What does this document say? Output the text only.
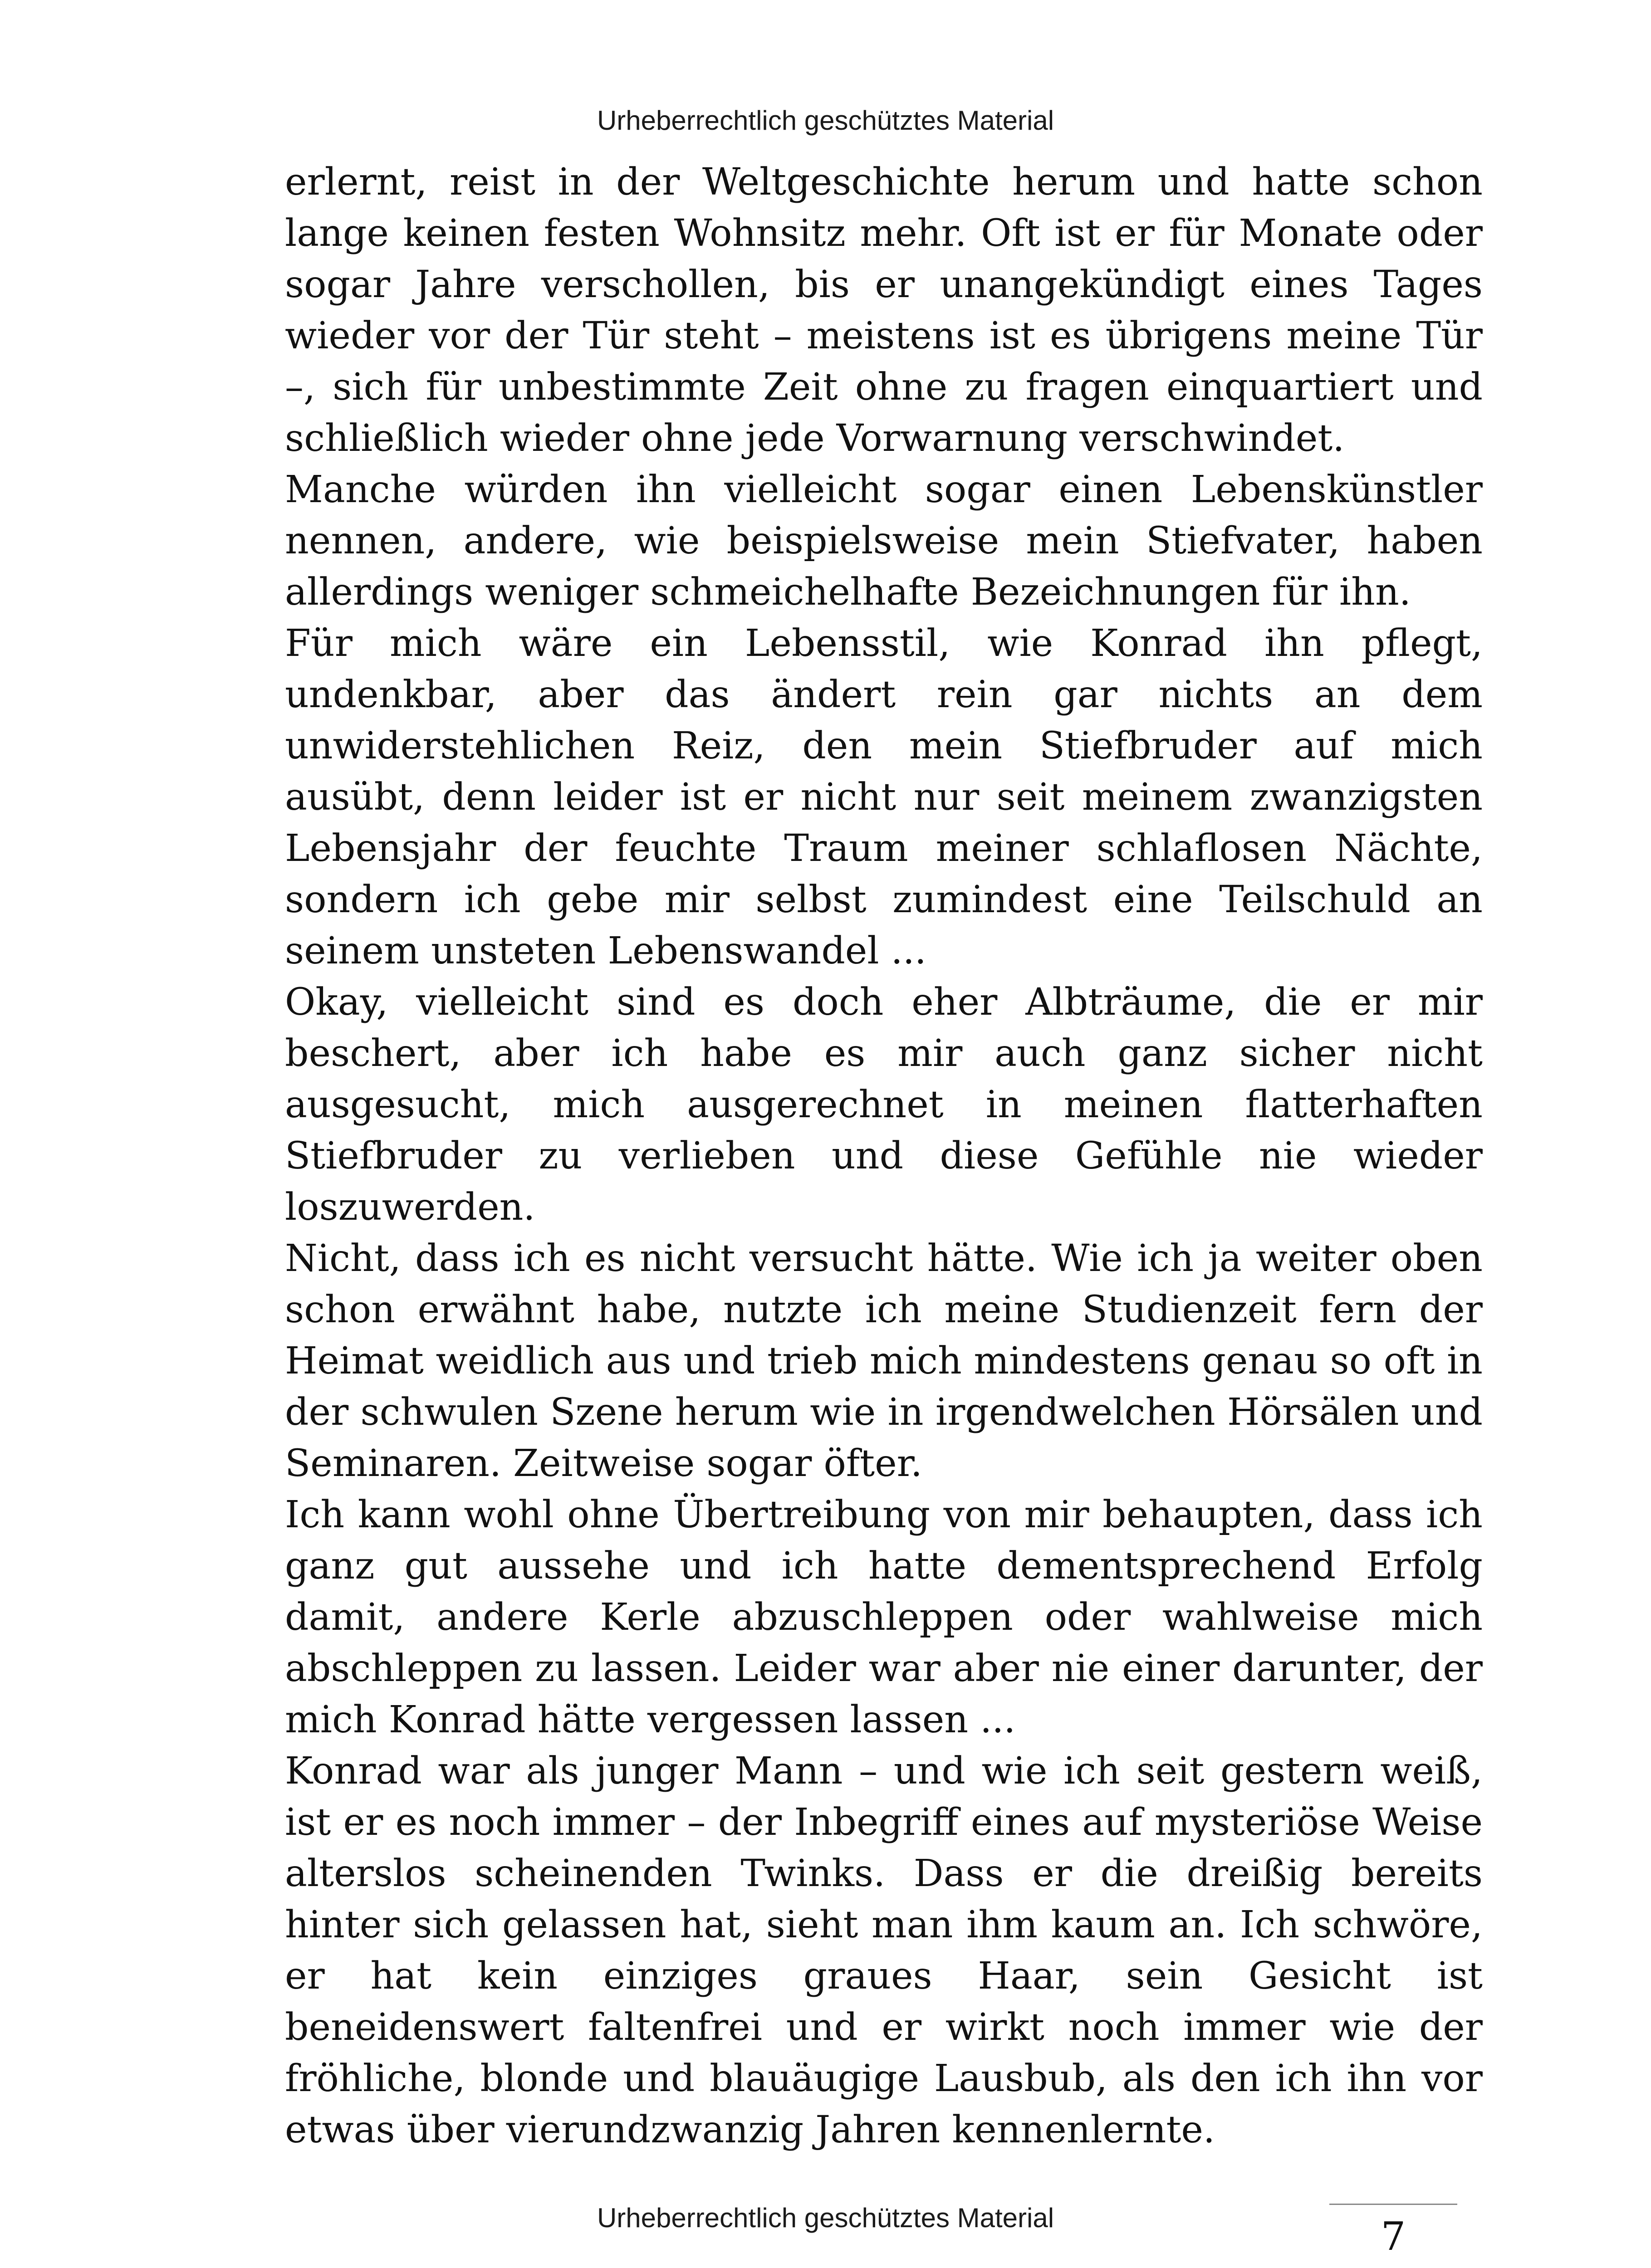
Urheberrechtlich geschütztes Material

erlernt, reist in der Weltgeschichte herum und hatte schon lange keinen festen Wohnsitz mehr. Oft ist er für Monate oder sogar Jahre verschollen, bis er unangekündigt eines Tages wieder vor der Tür steht – meistens ist es übrigens meine Tür –, sich für unbestimmte Zeit ohne zu fragen einquartiert und schließlich wieder ohne jede Vorwarnung verschwindet.

Manche würden ihn vielleicht sogar einen Lebenskünstler nennen, andere, wie beispielsweise mein Stiefvater, haben allerdings weniger schmeichelhafte Bezeichnungen für ihn.

Für mich wäre ein Lebensstil, wie Konrad ihn pflegt, undenkbar, aber das ändert rein gar nichts an dem unwiderstehlichen Reiz, den mein Stiefbruder auf mich ausübt, denn leider ist er nicht nur seit meinem zwanzigsten Lebensjahr der feuchte Traum meiner schlaflosen Nächte, sondern ich gebe mir selbst zumindest eine Teilschuld an seinem unsteten Lebenswandel ...

Okay, vielleicht sind es doch eher Albträume, die er mir beschert, aber ich habe es mir auch ganz sicher nicht ausgesucht, mich ausgerechnet in meinen flatterhaften Stiefbruder zu verlieben und diese Gefühle nie wieder loszuwerden.

Nicht, dass ich es nicht versucht hätte. Wie ich ja weiter oben schon erwähnt habe, nutzte ich meine Studienzeit fern der Heimat weidlich aus und trieb mich mindestens genau so oft in der schwulen Szene herum wie in irgendwelchen Hörsälen und Seminaren. Zeitweise sogar öfter.

Ich kann wohl ohne Übertreibung von mir behaupten, dass ich ganz gut aussehe und ich hatte dementsprechend Erfolg damit, andere Kerle abzuschleppen oder wahlweise mich abschleppen zu lassen. Leider war aber nie einer darunter, der mich Konrad hätte vergessen lassen ...

Konrad war als junger Mann – und wie ich seit gestern weiß, ist er es noch immer – der Inbegriff eines auf mysteriöse Weise alterslos scheinenden Twinks. Dass er die dreißig bereits hinter sich gelassen hat, sieht man ihm kaum an. Ich schwöre, er hat kein einziges graues Haar, sein Gesicht ist beneidenswert faltenfrei und er wirkt noch immer wie der fröhliche, blonde und blauäugige Lausbub, als den ich ihn vor etwas über vierundzwanzig Jahren kennenlernte.

7
Urheberrechtlich geschütztes Material
